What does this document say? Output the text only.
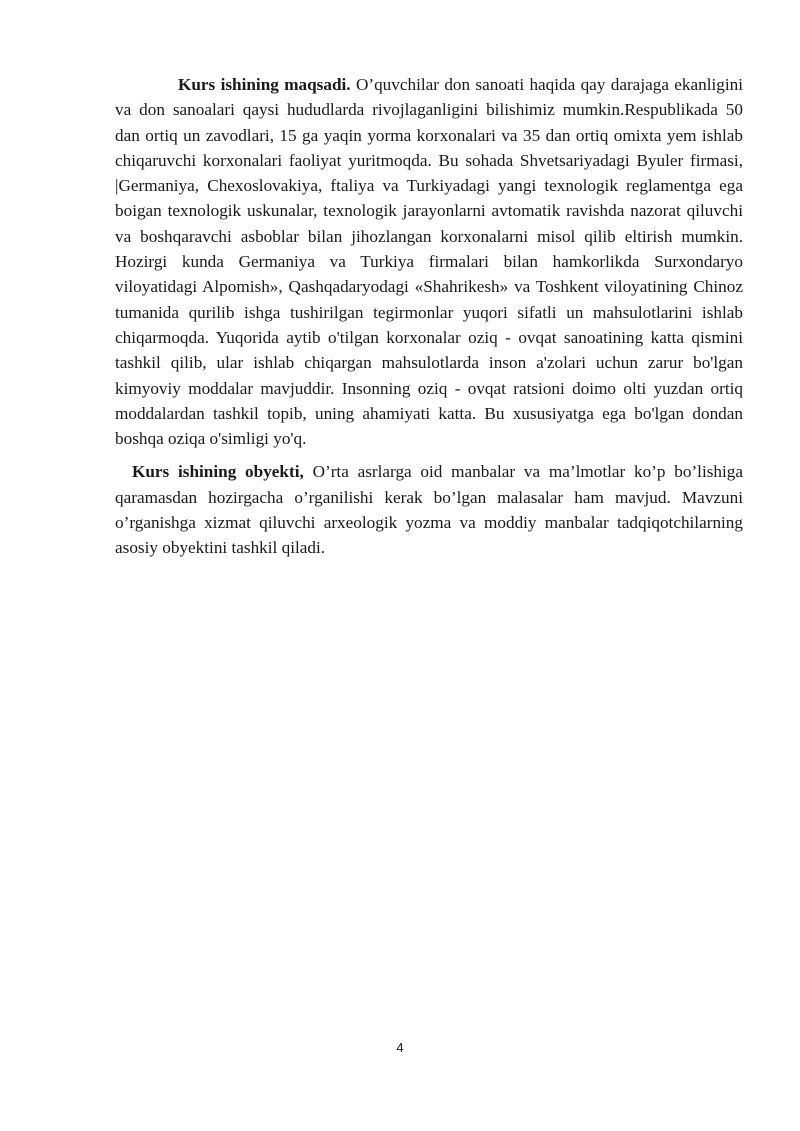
Kurs ishining maqsadi. O’quvchilar don sanoati haqida qay darajaga ekanligini va don sanoalari qaysi hududlarda rivojlaganligini bilishimiz mumkin.Respublikada 50 dan ortiq un zavodlari, 15 ga yaqin yorma korxonalari va 35 dan ortiq omixta yem ishlab chiqaruvchi korxonalari faoliyat yuritmoqda. Bu sohada Shvetsariyadagi Byuler firmasi, |Germaniya, Chexoslovakiya, ftaliya va Turkiyadagi yangi texnologik reglamentga ega boigan texnologik uskunalar, texnologik jarayonlarni avtomatik ravishda nazorat qiluvchi va boshqaravchi asboblar bilan jihozlangan korxonalarni misol qilib eltirish mumkin. Hozirgi kunda Germaniya va Turkiya firmalari bilan hamkorlikda Surxondaryo viloyatidagi Alpomish», Qashqadaryodagi «Shahrikesh» va Toshkent viloyatining Chinoz tumanida qurilib ishga tushirilgan tegirmonlar yuqori sifatli un mahsulotlarini ishlab chiqarmoqda. Yuqorida aytib o'tilgan korxonalar oziq - ovqat sanoatining katta qismini tashkil qilib, ular ishlab chiqargan mahsulotlarda inson a'zolari uchun zarur bo'lgan kimyoviy moddalar mavjuddir. Insonning oziq - ovqat ratsioni doimo olti yuzdan ortiq moddalardan tashkil topib, uning ahamiyati katta. Bu xususiyatga ega bo'lgan dondan boshqa oziqa o'simligi yo'q.

Kurs ishining obyekti, O’rta asrlarga oid manbalar va ma’lmotlar ko’p bo’lishiga qaramasdan hozirgacha o’rganilishi kerak bo’lgan malasalar ham mavjud. Mavzuni o’rganishga xizmat qiluvchi arxeologik yozma va moddiy manbalar tadqiqotchilarning asosiy obyektini tashkil qiladi.

4
